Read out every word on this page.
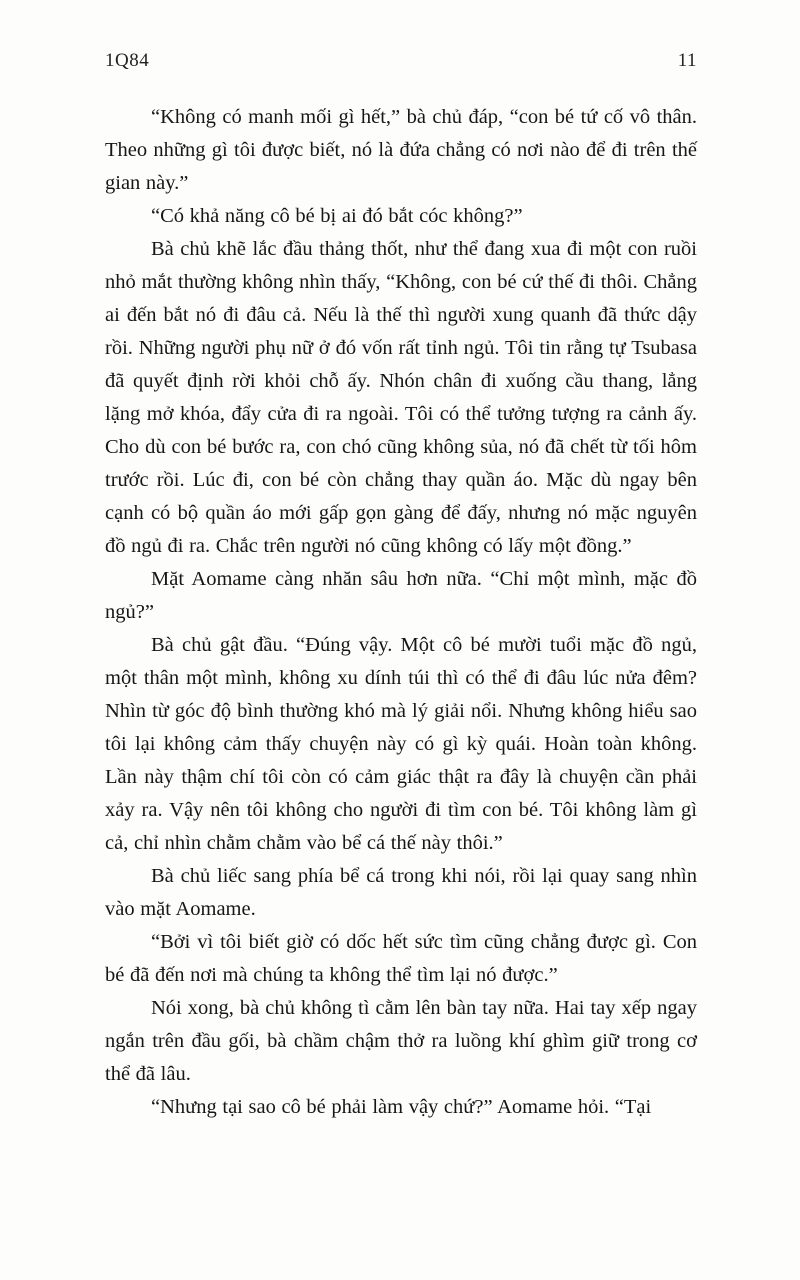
1Q84	11

“Không có manh mối gì hết,” bà chủ đáp, “con bé tứ cố vô thân. Theo những gì tôi được biết, nó là đứa chẳng có nơi nào để đi trên thế gian này.”

“Có khả năng cô bé bị ai đó bắt cóc không?”

Bà chủ khẽ lắc đầu thảng thốt, như thể đang xua đi một con ruồi nhỏ mắt thường không nhìn thấy, “Không, con bé cứ thế đi thôi. Chẳng ai đến bắt nó đi đâu cả. Nếu là thế thì người xung quanh đã thức dậy rồi. Những người phụ nữ ở đó vốn rất tỉnh ngủ. Tôi tin rằng tự Tsubasa đã quyết định rời khỏi chỗ ấy. Nhón chân đi xuống cầu thang, lẳng lặng mở khóa, đẩy cửa đi ra ngoài. Tôi có thể tưởng tượng ra cảnh ấy. Cho dù con bé bước ra, con chó cũng không sủa, nó đã chết từ tối hôm trước rồi. Lúc đi, con bé còn chẳng thay quần áo. Mặc dù ngay bên cạnh có bộ quần áo mới gấp gọn gàng để đấy, nhưng nó mặc nguyên đồ ngủ đi ra. Chắc trên người nó cũng không có lấy một đồng.”

Mặt Aomame càng nhăn sâu hơn nữa. “Chỉ một mình, mặc đồ ngủ?”

Bà chủ gật đầu. “Đúng vậy. Một cô bé mười tuổi mặc đồ ngủ, một thân một mình, không xu dính túi thì có thể đi đâu lúc nửa đêm? Nhìn từ góc độ bình thường khó mà lý giải nổi. Nhưng không hiểu sao tôi lại không cảm thấy chuyện này có gì kỳ quái. Hoàn toàn không. Lần này thậm chí tôi còn có cảm giác thật ra đây là chuyện cần phải xảy ra. Vậy nên tôi không cho người đi tìm con bé. Tôi không làm gì cả, chỉ nhìn chằm chằm vào bể cá thế này thôi.”

Bà chủ liếc sang phía bể cá trong khi nói, rồi lại quay sang nhìn vào mặt Aomame.

“Bởi vì tôi biết giờ có dốc hết sức tìm cũng chẳng được gì. Con bé đã đến nơi mà chúng ta không thể tìm lại nó được.”

Nói xong, bà chủ không tì cằm lên bàn tay nữa. Hai tay xếp ngay ngắn trên đầu gối, bà chầm chậm thở ra luồng khí ghìm giữ trong cơ thể đã lâu.

“Nhưng tại sao cô bé phải làm vậy chứ?” Aomame hỏi. “Tại
